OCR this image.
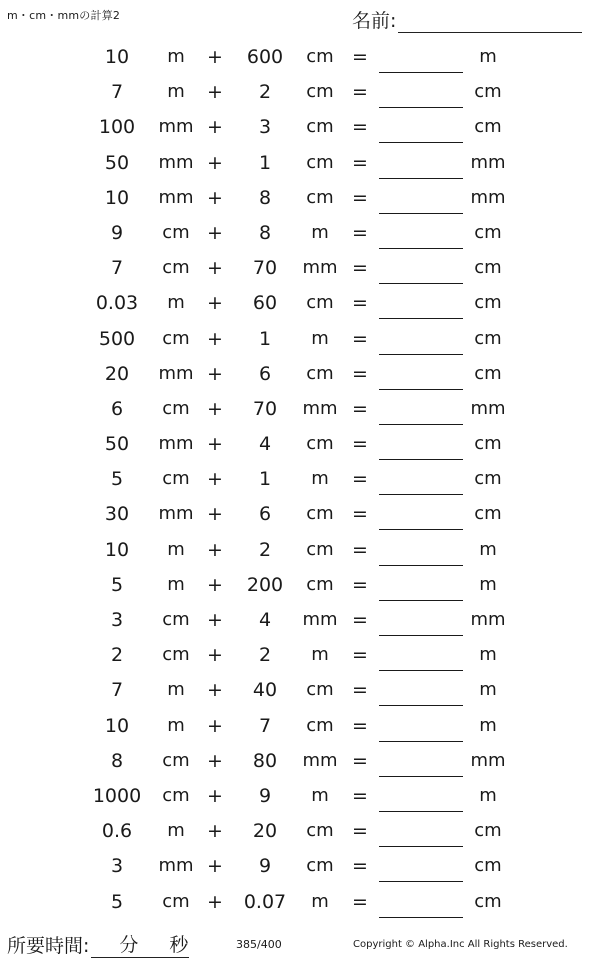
m・cm・mmの計算2	名前:
10	m	+	600	cm =	m
7	m	+	2	cm =	cm
100	mm +	3	cm =	cm
50	mm +	1	cm =	mm
10	mm +	8	cm =	mm
9	cm +	8	m	=	cm
7	cm +	70	mm =	cm
0.03	m	+	60	cm =	cm
500	cm +	1	m	=	cm
20	mm +	6	cm =	cm
6	cm +	70	mm =	mm
50	mm +	4	cm =	cm
5	cm +	1	m	=	cm
30	mm +	6	cm =	cm
10	m	+	2	cm =	m
5	m	+	200	cm =	m
3	cm +	4	mm =	mm
2	cm +	2	m	=	m
7	m	+	40	cm =	m
10	m	+	7	cm =	m
8	cm +	80	mm =	mm
1000	cm +	9	m	=	m
0.6	m	+	20	cm =	cm
3	mm +	9	cm =	cm
5	cm +	0.07	m	=	cm
所要時間: 分 秒	385/400	Copyright © Alpha.Inc All Rights Reserved.
